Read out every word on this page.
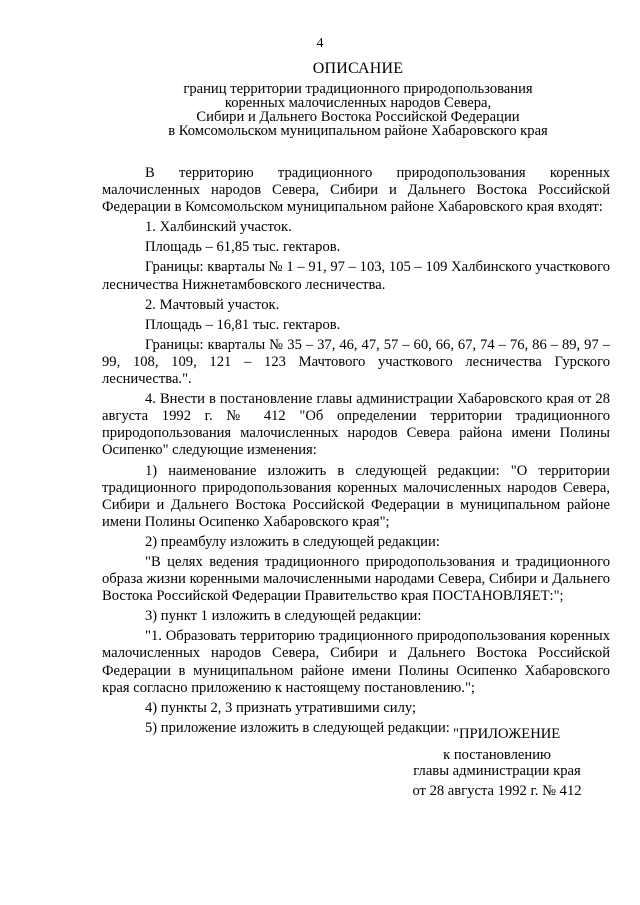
4
ОПИСАНИЕ
границ территории традиционного природопользования
коренных малочисленных народов Севера,
Сибири и Дальнего Востока Российской Федерации
в Комсомольском муниципальном районе Хабаровского края

В территорию традиционного природопользования коренных малочисленных народов Севера, Сибири и Дальнего Востока Российской Федерации в Комсомольском муниципальном районе Хабаровского края входят:

1. Халбинский участок.
Площадь – 61,85 тыс. гектаров.

Границы: кварталы № 1 – 91, 97 – 103, 105 – 109 Халбинского участкового лесничества Нижнетамбовского лесничества.

2. Мачтовый участок.
Площадь – 16,81 тыс. гектаров.

Границы: кварталы № 35 – 37, 46, 47, 57 – 60, 66, 67, 74 – 76, 86 – 89, 97 – 99, 108, 109, 121 – 123 Мачтового участкового лесничества Гурского лесничества.".

4. Внести в постановление главы администрации Хабаровского края от 28 августа 1992 г. № 412 "Об определении территории традиционного природопользования малочисленных народов Севера района имени Полины Осипенко" следующие изменения:

1) наименование изложить в следующей редакции: "О территории традиционного природопользования коренных малочисленных народов Севера, Сибири и Дальнего Востока Российской Федерации в муниципальном районе имени Полины Осипенко Хабаровского края";

2) преамбулу изложить в следующей редакции:

"В целях ведения традиционного природопользования и традиционного образа жизни коренными малочисленными народами Севера, Сибири и Дальнего Востока Российской Федерации Правительство края ПОСТАНОВЛЯЕТ:";

3) пункт 1 изложить в следующей редакции:

"1. Образовать территорию традиционного природопользования коренных малочисленных народов Севера, Сибири и Дальнего Востока Российской Федерации в муниципальном районе имени Полины Осипенко Хабаровского края согласно приложению к настоящему постановлению.";

4) пункты 2, 3 признать утратившими силу;
5) приложение изложить в следующей редакции: "ПРИЛОЖЕНИЕ
к постановлению
главы администрации края
от 28 августа 1992 г. № 412
